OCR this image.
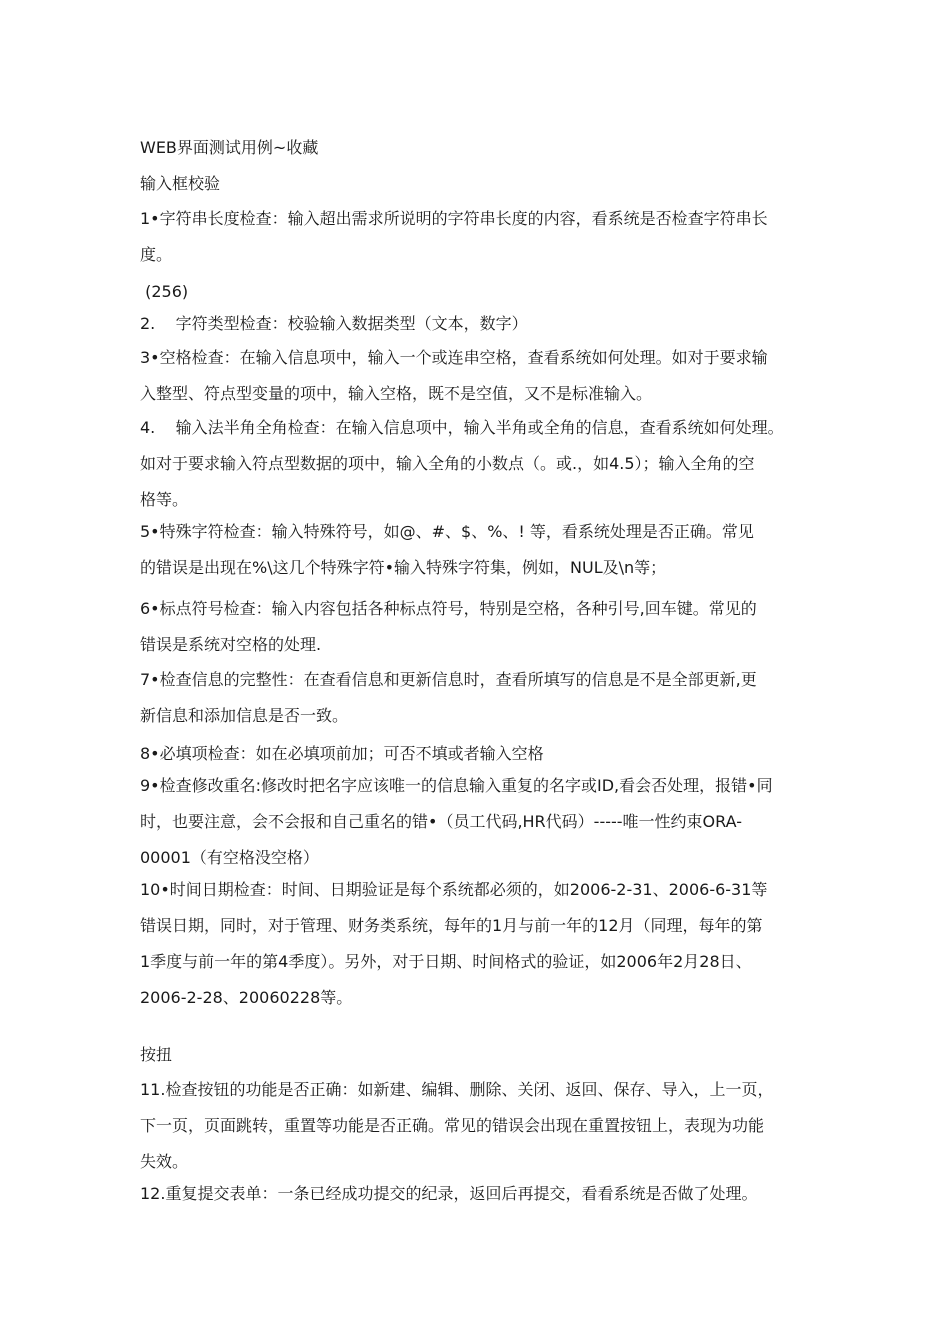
WEB界面测试用例~收藏
输入框校验
1•字符串长度检查：输入超出需求所说明的字符串长度的内容，看系统是否检查字符串长
度。
(256)
2.    字符类型检查：校验输入数据类型（文本，数字）
3•空格检查：在输入信息项中，输入一个或连串空格，查看系统如何处理。如对于要求输
入整型、符点型变量的项中，输入空格，既不是空值，又不是标准输入。
4.    输入法半角全角检查：在输入信息项中，输入半角或全角的信息，查看系统如何处理。
如对于要求输入符点型数据的项中，输入全角的小数点（。或.，如4.5）；输入全角的空
格等。
5•特殊字符检查：输入特殊符号，如@、#、$、%、! 等，看系统处理是否正确。常见
的错误是出现在%\这几个特殊字符•输入特殊字符集，例如，NUL及\n等；
6•标点符号检查：输入内容包括各种标点符号，特别是空格，各种引号,回车键。常见的
错误是系统对空格的处理.
7•检查信息的完整性：在查看信息和更新信息时，查看所填写的信息是不是全部更新,更
新信息和添加信息是否一致。
8•必填项检查：如在必填项前加；可否不填或者输入空格
9•检查修改重名:修改时把名字应该唯一的信息输入重复的名字或ID,看会否处理，报错•同
时，也要注意，会不会报和自己重名的错•（员工代码,HR代码）-----唯一性约束ORA-
00001（有空格没空格）
10•时间日期检查：时间、日期验证是每个系统都必须的，如2006-2-31、2006-6-31等
错误日期，同时，对于管理、财务类系统，每年的1月与前一年的12月（同理，每年的第
1季度与前一年的第4季度）。另外，对于日期、时间格式的验证，如2006年2月28日、
2006-2-28、20060228等。
按扭
11.检查按钮的功能是否正确：如新建、编辑、删除、关闭、返回、保存、导入，上一页，
下一页，页面跳转，重置等功能是否正确。常见的错误会出现在重置按钮上，表现为功能
失效。
12.重复提交表单：一条已经成功提交的纪录，返回后再提交，看看系统是否做了处理。
